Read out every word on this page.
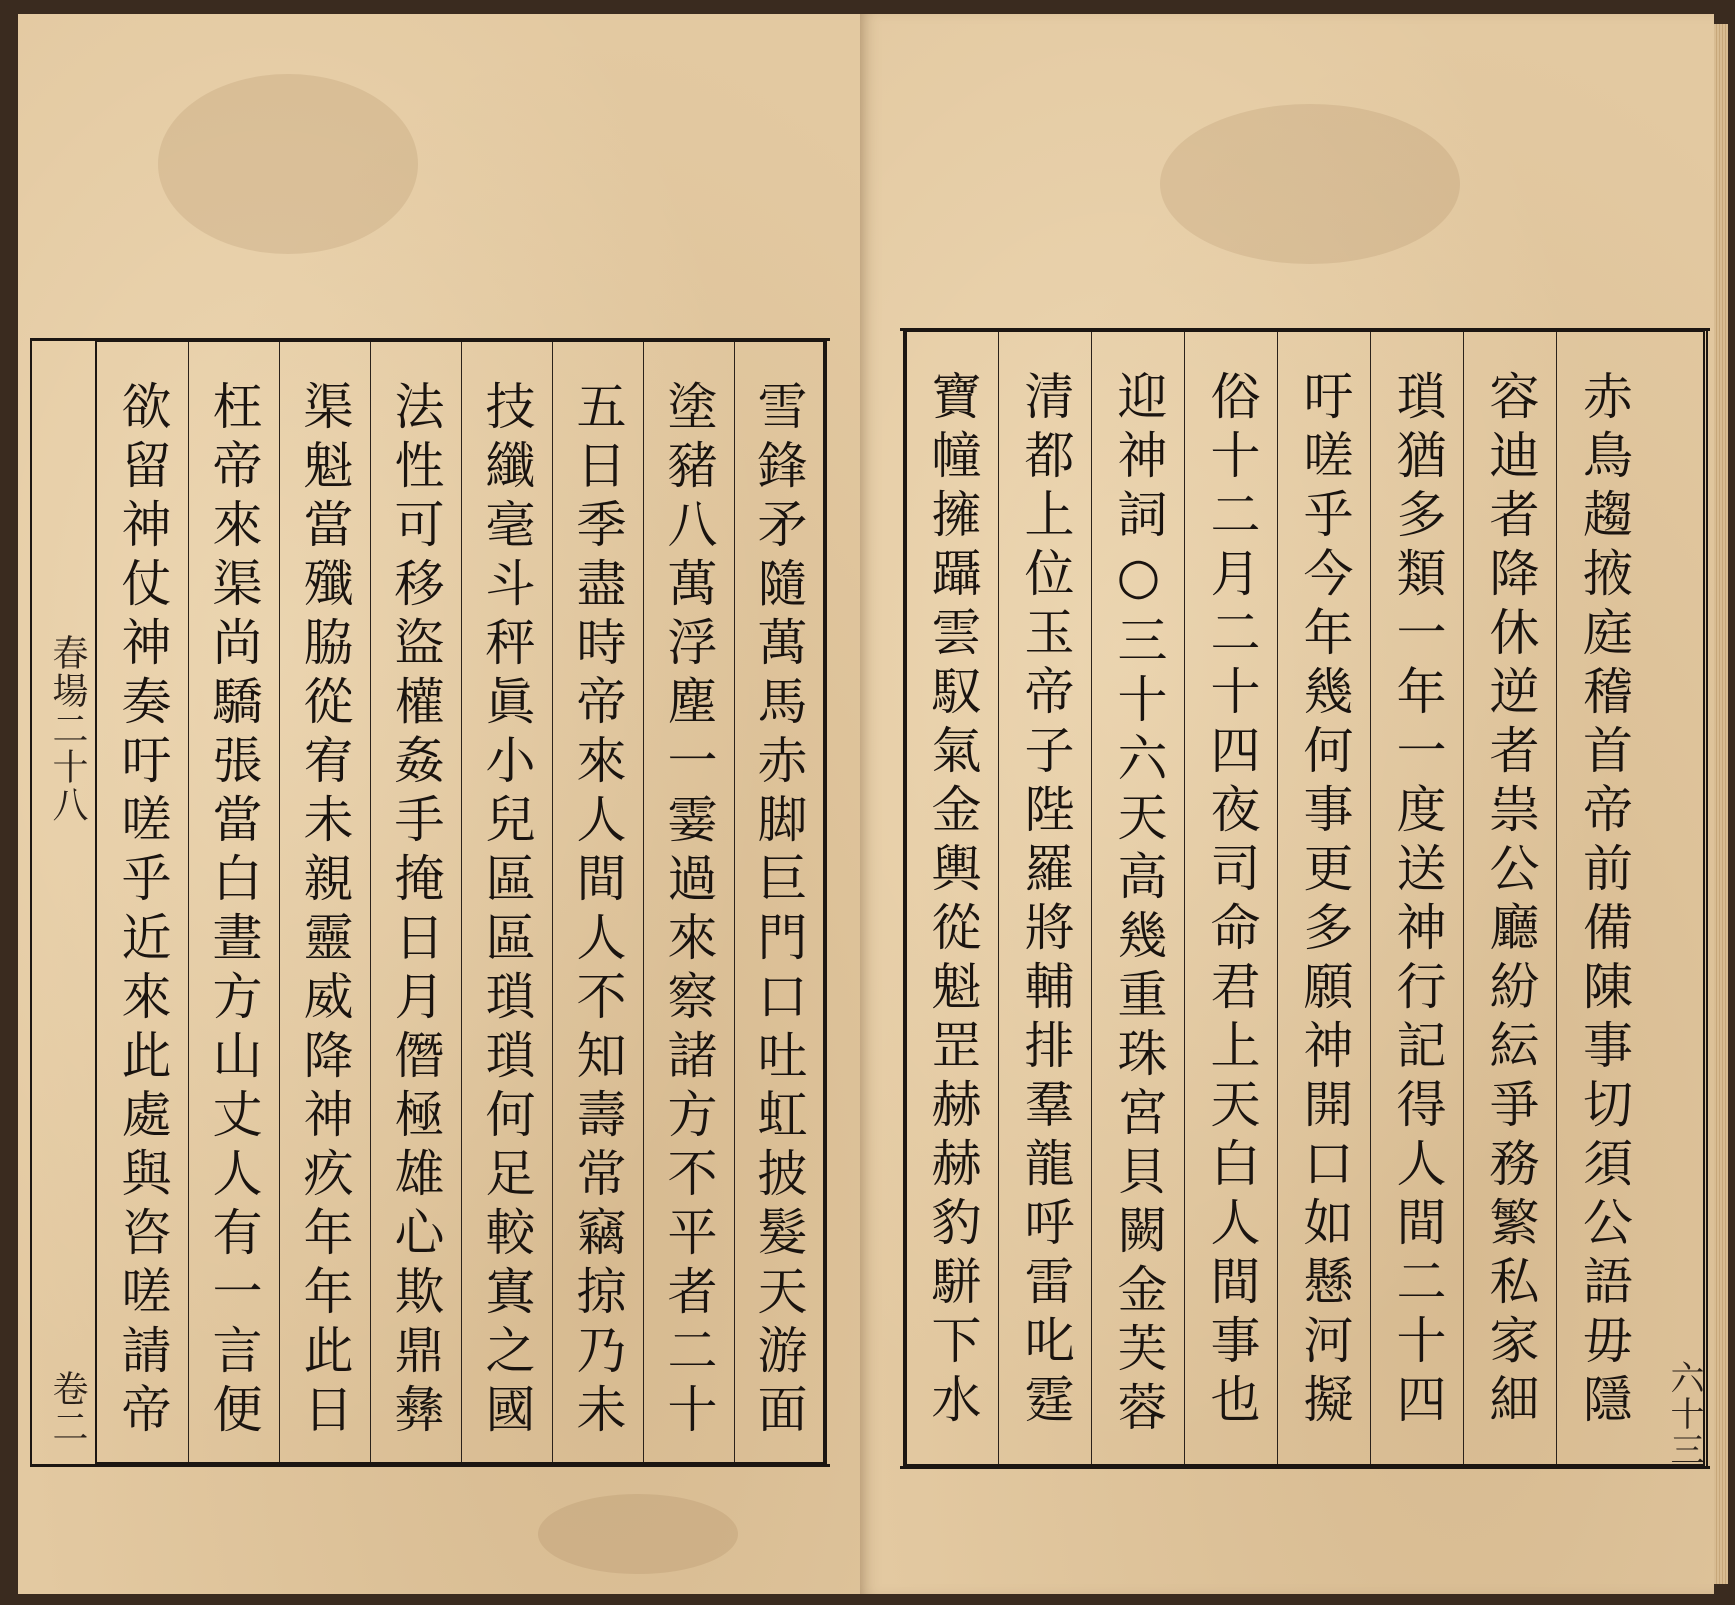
春場二十八
卷二 欲留神仗神奏吁嗟乎近來此處與咨嗟請帝 枉帝來渠尚驕張當白晝方山丈人有一言便 渠魁當殲脇從宥未親靈威降神疚年年此日 法性可移盜權姦手掩日月僭極雄心欺鼎彝 技纖毫斗秤眞小兒區區瑣瑣何足較寘之國 五日季盡時帝來人間人不知壽常竊掠乃未 塗豬八萬浮塵一霎過來察諸方不平者二十 雪鋒矛隨萬馬赤脚巨門口吐虹披髮天游面	六十三
寶幢擁躡雲馭氣金輿從魁罡赫赫豹駢下水 清都上位玉帝子陛羅將輔排羣龍呼雷叱霆 迎神詞○三十六天高幾重珠宮貝闕金芙蓉 俗十二月二十四夜司命君上天白人間事也 吁嗟乎今年幾何事更多願神開口如懸河擬 瑣猶多類一年一度送神行記得人間二十四 容迪者降休逆者祟公廳紛紜爭務繁私家細 赤鳥趨掖庭稽首帝前備陳事切須公語毋隱
